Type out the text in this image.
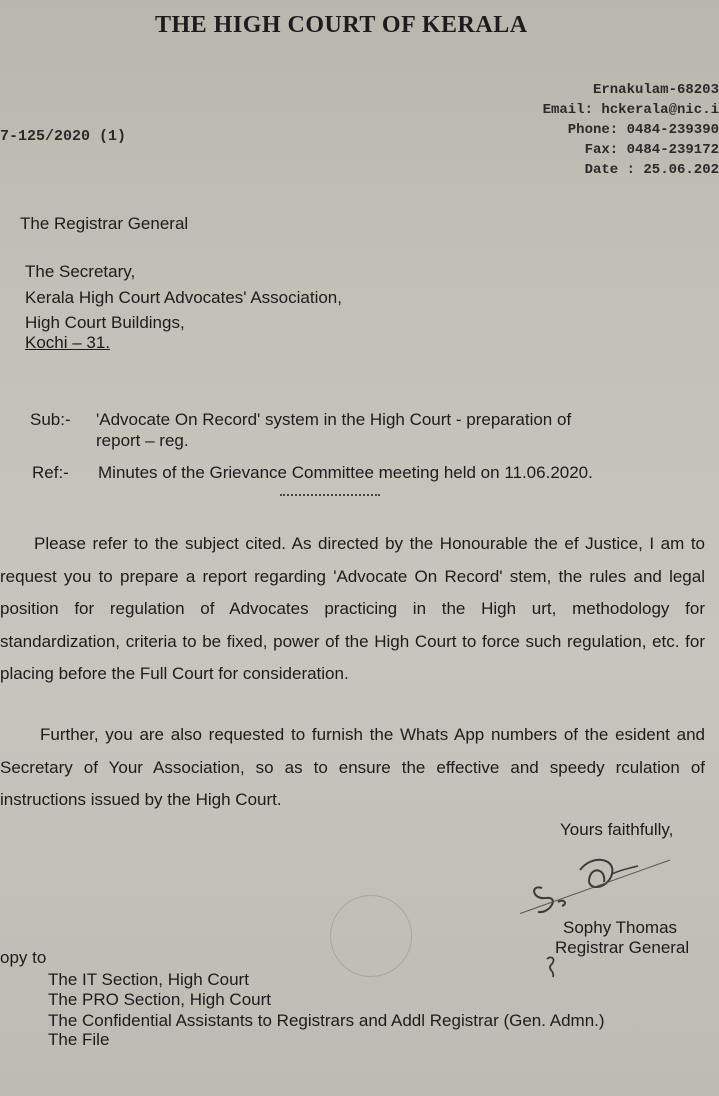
THE HIGH COURT OF KERALA
Ernakulam-68203
Email: hckerala@nic.i
Phone: 0484-239390
Fax: 0484-239172
Date : 25.06.202
7-125/2020 (1)
The Registrar General
The Secretary,
Kerala High Court Advocates' Association,
High Court Buildings,
Kochi – 31.
Sub:- 'Advocate On Record' system in the High Court - preparation of
report – reg.
Ref:- Minutes of the Grievance Committee meeting held on 11.06.2020.
Please refer to the subject cited. As directed by the Honourable the ef Justice, I am to request you to prepare a report regarding 'Advocate On Record' stem, the rules and legal position for regulation of Advocates practicing in the High urt, methodology for standardization, criteria to be fixed, power of the High Court to force such regulation, etc. for placing before the Full Court for consideration.
Further, you are also requested to furnish the Whats App numbers of the esident and Secretary of Your Association, so as to ensure the effective and speedy rculation of instructions issued by the High Court.
Yours faithfully,
Sophy Thomas
Registrar General
opy to
The IT Section, High Court
The PRO Section, High Court
The Confidential Assistants to Registrars and Addl Registrar (Gen. Admn.)
The File
